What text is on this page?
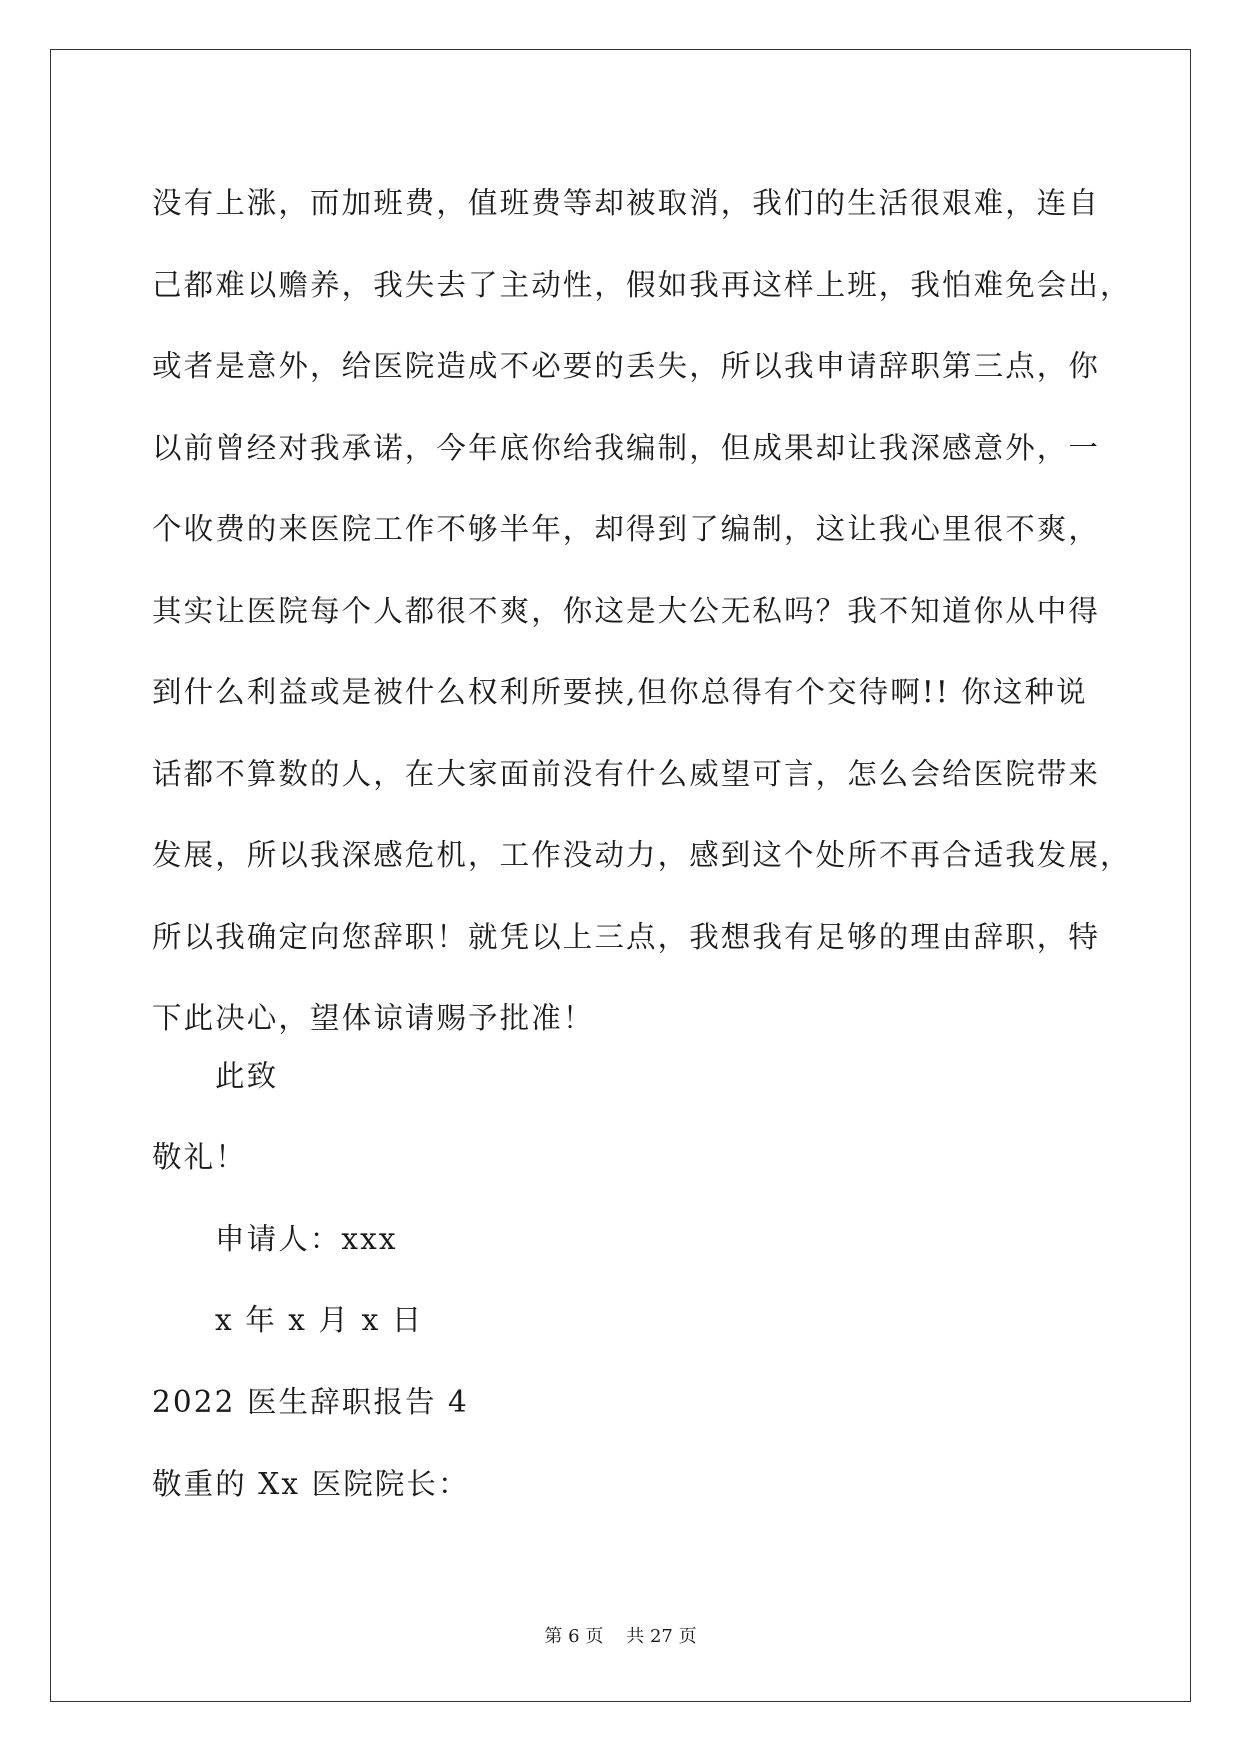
没有上涨，而加班费，值班费等却被取消，我们的生活很艰难，连自
己都难以赡养，我失去了主动性，假如我再这样上班，我怕难免会出，
或者是意外，给医院造成不必要的丢失，所以我申请辞职第三点，你
以前曾经对我承诺，今年底你给我编制，但成果却让我深感意外，一
个收费的来医院工作不够半年，却得到了编制，这让我心里很不爽，
其实让医院每个人都很不爽，你这是大公无私吗？我不知道你从中得
到什么利益或是被什么权利所要挟,但你总得有个交待啊!! 你这种说
话都不算数的人，在大家面前没有什么威望可言，怎么会给医院带来
发展，所以我深感危机，工作没动力，感到这个处所不再合适我发展，
所以我确定向您辞职！就凭以上三点，我想我有足够的理由辞职，特
下此决心，望体谅请赐予批准！
此致
敬礼！
申请人：xxx
x 年 x 月 x 日
2022 医生辞职报告 4
敬重的 Xx 医院院长：
第 6 页 共 27 页
